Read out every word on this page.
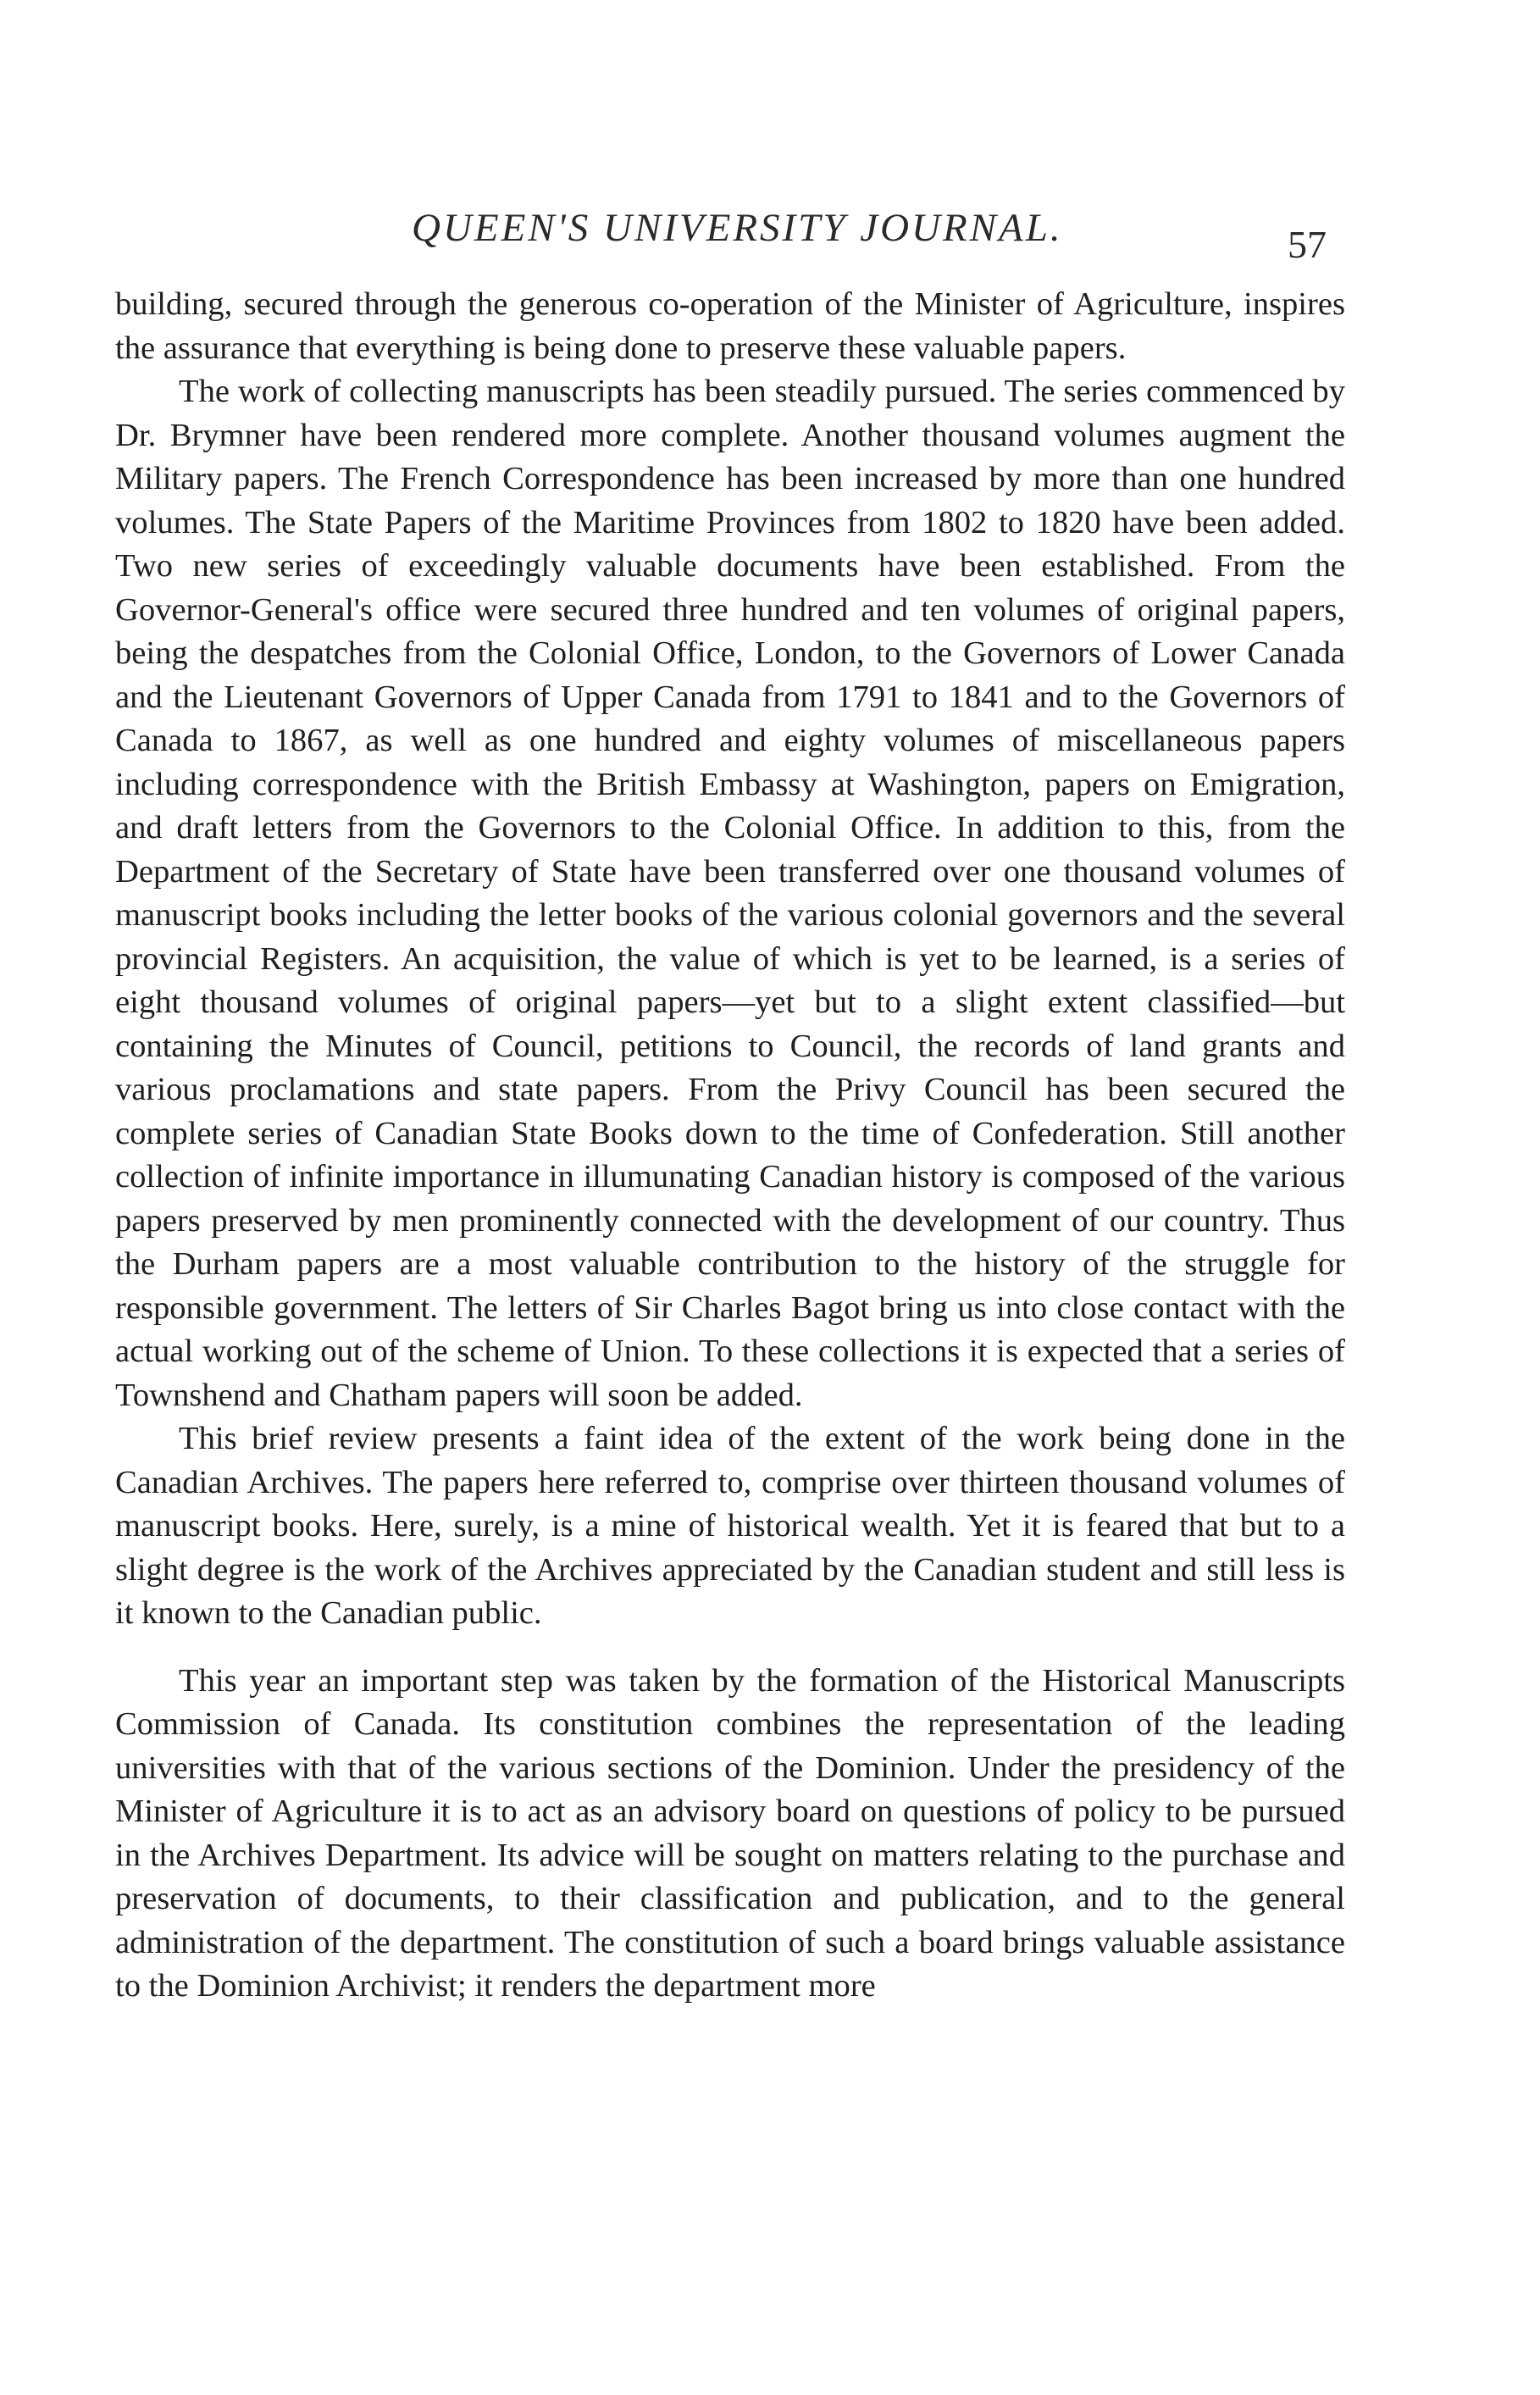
QUEEN'S UNIVERSITY JOURNAL.	57

building, secured through the generous co-operation of the Minister of Agriculture, inspires the assurance that everything is being done to preserve these valuable papers.

The work of collecting manuscripts has been steadily pursued. The series commenced by Dr. Brymner have been rendered more complete. Another thousand volumes augment the Military papers. The French Correspondence has been increased by more than one hundred volumes. The State Papers of the Maritime Provinces from 1802 to 1820 have been added. Two new series of exceedingly valuable documents have been established. From the Governor-General's office were secured three hundred and ten volumes of original papers, being the despatches from the Colonial Office, London, to the Governors of Lower Canada and the Lieutenant Governors of Upper Canada from 1791 to 1841 and to the Governors of Canada to 1867, as well as one hundred and eighty volumes of miscellaneous papers including correspondence with the British Embassy at Washington, papers on Emigration, and draft letters from the Governors to the Colonial Office. In addition to this, from the Department of the Secretary of State have been transferred over one thousand volumes of manuscript books including the letter books of the various colonial governors and the several provincial Registers. An acquisition, the value of which is yet to be learned, is a series of eight thousand volumes of original papers—yet but to a slight extent classified—but containing the Minutes of Council, petitions to Council, the records of land grants and various proclamations and state papers. From the Privy Council has been secured the complete series of Canadian State Books down to the time of Confederation. Still another collection of infinite importance in illumunating Canadian history is composed of the various papers preserved by men prominently connected with the development of our country. Thus the Durham papers are a most valuable contribution to the history of the struggle for responsible government. The letters of Sir Charles Bagot bring us into close contact with the actual working out of the scheme of Union. To these collections it is expected that a series of Townshend and Chatham papers will soon be added.

This brief review presents a faint idea of the extent of the work being done in the Canadian Archives. The papers here referred to, comprise over thirteen thousand volumes of manuscript books. Here, surely, is a mine of historical wealth. Yet it is feared that but to a slight degree is the work of the Archives appreciated by the Canadian student and still less is it known to the Canadian public.

This year an important step was taken by the formation of the Historical Manuscripts Commission of Canada. Its constitution combines the representation of the leading universities with that of the various sections of the Dominion. Under the presidency of the Minister of Agriculture it is to act as an advisory board on questions of policy to be pursued in the Archives Department. Its advice will be sought on matters relating to the purchase and preservation of documents, to their classification and publication, and to the general administration of the department. The constitution of such a board brings valuable assistance to the Dominion Archivist; it renders the department more
